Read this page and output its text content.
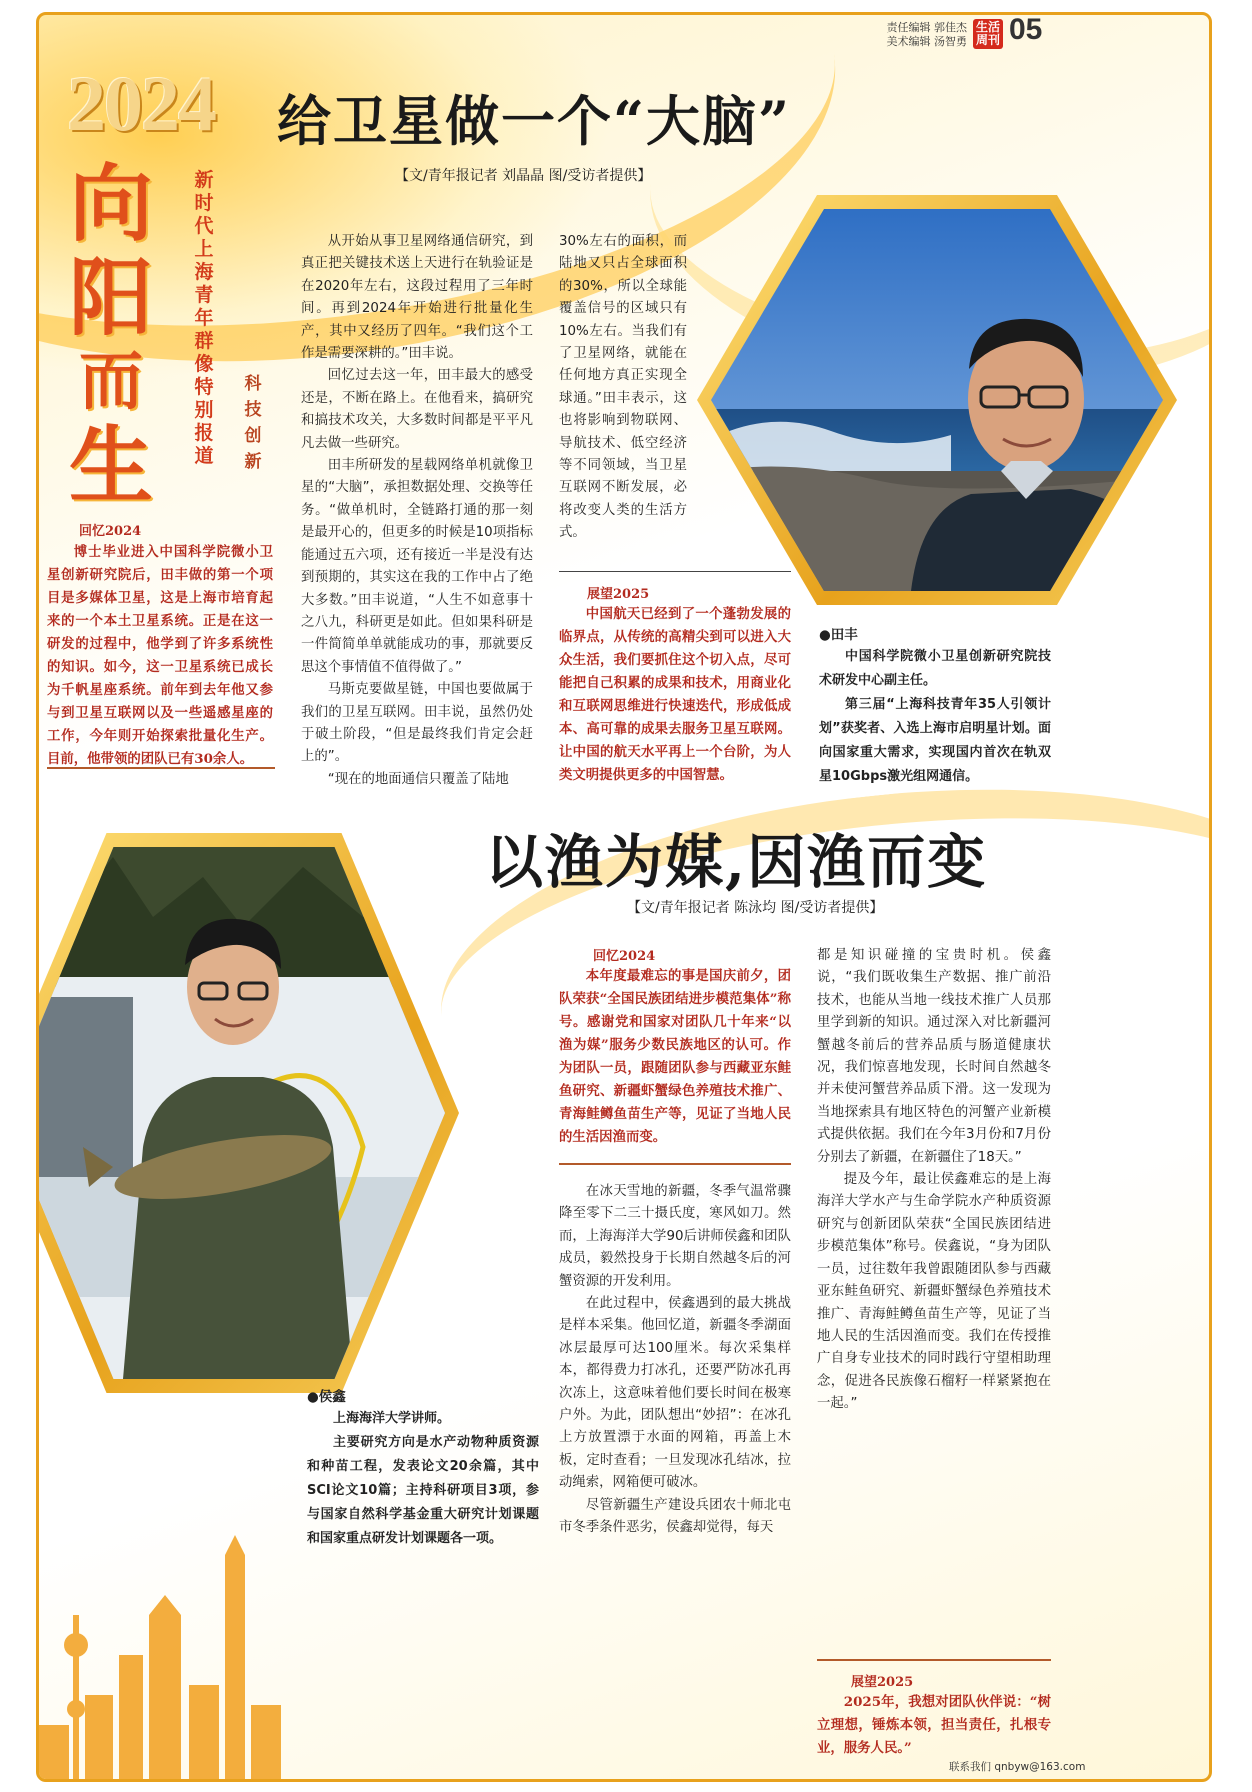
责任编辑 郭佳杰
美术编辑 汤智勇
生活周刊 05
2024
向
阳
而
生
新
时
代
上
海
青
年
群
像
特
别
报
道
科
技
创
新
给卫星做一个“大脑”
【文/青年报记者 刘晶晶 图/受访者提供】
回忆2024

博士毕业进入中国科学院微小卫星创新研究院后，田丰做的第一个项目是多媒体卫星，这是上海市培育起来的一个本土卫星系统。正是在这一研发的过程中，他学到了许多系统性的知识。如今，这一卫星系统已成长为千帆星座系统。前年到去年他又参与到卫星互联网以及一些遥感星座的工作，今年则开始探索批量化生产。目前，他带领的团队已有30余人。

从开始从事卫星网络通信研究，到真正把关键技术送上天进行在轨验证是在2020年左右，这段过程用了三年时间。再到2024年开始进行批量化生产，其中又经历了四年。“我们这个工作是需要深耕的。”田丰说。

回忆过去这一年，田丰最大的感受还是，不断在路上。在他看来，搞研究和搞技术攻关，大多数时间都是平平凡凡去做一些研究。

田丰所研发的星载网络单机就像卫星的“大脑”，承担数据处理、交换等任务。“做单机时，全链路打通的那一刻是最开心的，但更多的时候是10项指标能通过五六项，还有接近一半是没有达到预期的，其实这在我的工作中占了绝大多数。”田丰说道，“人生不如意事十之八九，科研更是如此。但如果科研是一件简简单单就能成功的事，那就要反思这个事情值不值得做了。”

马斯克要做星链，中国也要做属于我们的卫星互联网。田丰说，虽然仍处于破土阶段，“但是最终我们肯定会赶上的”。

“现在的地面通信只覆盖了陆地

30%左右的面积，而陆地又只占全球面积的30%，所以全球能覆盖信号的区域只有10%左右。当我们有了卫星网络，就能在任何地方真正实现全球通。”田丰表示，这也将影响到物联网、导航技术、低空经济等不同领域，当卫星互联网不断发展，必将改变人类的生活方式。

展望2025

中国航天已经到了一个蓬勃发展的临界点，从传统的高精尖到可以进入大众生活，我们要抓住这个切入点，尽可能把自己积累的成果和技术，用商业化和互联网思维进行快速迭代，形成低成本、高可靠的成果去服务卫星互联网。让中国的航天水平再上一个台阶，为人类文明提供更多的中国智慧。

●田丰

中国科学院微小卫星创新研究院技术研发中心副主任。

第三届“上海科技青年35人引领计划”获奖者、入选上海市启明星计划。面向国家重大需求，实现国内首次在轨双星10Gbps激光组网通信。

以渔为媒,因渔而变
【文/青年报记者 陈泳均 图/受访者提供】
●侯鑫

上海海洋大学讲师。

主要研究方向是水产动物种质资源和种苗工程，发表论文20余篇，其中SCI论文10篇；主持科研项目3项，参与国家自然科学基金重大研究计划课题和国家重点研发计划课题各一项。

回忆2024

本年度最难忘的事是国庆前夕，团队荣获“全国民族团结进步模范集体”称号。感谢党和国家对团队几十年来“以渔为媒”服务少数民族地区的认可。作为团队一员，跟随团队参与西藏亚东鲑鱼研究、新疆虾蟹绿色养殖技术推广、青海鲑鳟鱼苗生产等，见证了当地人民的生活因渔而变。

在冰天雪地的新疆，冬季气温常骤降至零下二三十摄氏度，寒风如刀。然而，上海海洋大学90后讲师侯鑫和团队成员，毅然投身于长期自然越冬后的河蟹资源的开发利用。

在此过程中，侯鑫遇到的最大挑战是样本采集。他回忆道，新疆冬季湖面冰层最厚可达100厘米。每次采集样本，都得费力打冰孔，还要严防冰孔再次冻上，这意味着他们要长时间在极寒户外。为此，团队想出“妙招”：在冰孔上方放置漂于水面的网箱，再盖上木板，定时查看；一旦发现冰孔结冰，拉动绳索，网箱便可破冰。

尽管新疆生产建设兵团农十师北屯市冬季条件恶劣，侯鑫却觉得，每天

都是知识碰撞的宝贵时机。侯鑫说，“我们既收集生产数据、推广前沿技术，也能从当地一线技术推广人员那里学到新的知识。通过深入对比新疆河蟹越冬前后的营养品质与肠道健康状况，我们惊喜地发现，长时间自然越冬并未使河蟹营养品质下滑。这一发现为当地探索具有地区特色的河蟹产业新模式提供依据。我们在今年3月份和7月份分别去了新疆，在新疆住了18天。”

提及今年，最让侯鑫难忘的是上海海洋大学水产与生命学院水产种质资源研究与创新团队荣获“全国民族团结进步模范集体”称号。侯鑫说，“身为团队一员，过往数年我曾跟随团队参与西藏亚东鲑鱼研究、新疆虾蟹绿色养殖技术推广、青海鲑鳟鱼苗生产等，见证了当地人民的生活因渔而变。我们在传授推广自身专业技术的同时践行守望相助理念，促进各民族像石榴籽一样紧紧抱在一起。”

展望2025

2025年，我想对团队伙伴说：“树立理想，锤炼本领，担当责任，扎根专业，服务人民。”

联系我们 qnbyw@163.com
